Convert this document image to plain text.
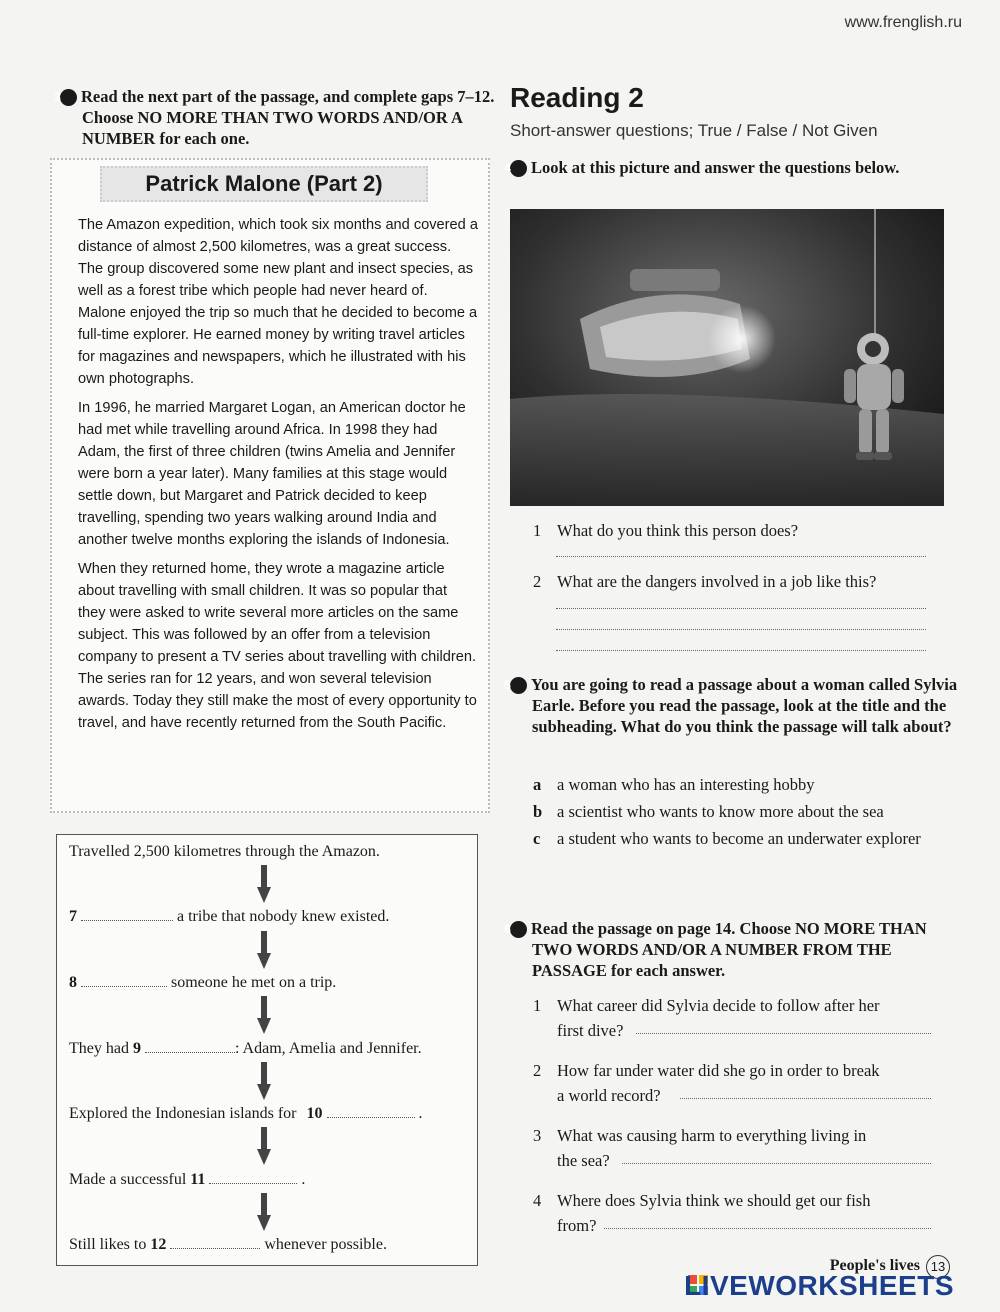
www.frenglish.ru
3 Read the next part of the passage, and complete gaps 7–12. Choose NO MORE THAN TWO WORDS AND/OR A NUMBER for each one.
Patrick Malone (Part 2)

The Amazon expedition, which took six months and covered a distance of almost 2,500 kilometres, was a great success. The group discovered some new plant and insect species, as well as a forest tribe which people had never heard of. Malone enjoyed the trip so much that he decided to become a full-time explorer. He earned money by writing travel articles for magazines and newspapers, which he illustrated with his own photographs.

In 1996, he married Margaret Logan, an American doctor he had met while travelling around Africa. In 1998 they had Adam, the first of three children (twins Amelia and Jennifer were born a year later). Many families at this stage would settle down, but Margaret and Patrick decided to keep travelling, spending two years walking around India and another twelve months exploring the islands of Indonesia.

When they returned home, they wrote a magazine article about travelling with small children. It was so popular that they were asked to write several more articles on the same subject. This was followed by an offer from a television company to present a TV series about travelling with children. The series ran for 12 years, and won several television awards. Today they still make the most of every opportunity to travel, and have recently returned from the South Pacific.

Travelled 2,500 kilometres through the Amazon.
7	a tribe that nobody knew existed.
8	someone he met on a trip.
They had 9	: Adam, Amelia and Jennifer.
Explored the Indonesian islands for 10	.
Made a successful 11	.
Still likes to 12	whenever possible.
Reading 2
Short-answer questions; True / False / Not Given
4 Look at this picture and answer the questions below.
1 What do you think this person does?
2 What are the dangers involved in a job like this?
5 You are going to read a passage about a woman called Sylvia Earle. Before you read the passage, look at the title and the subheading. What do you think the passage will talk about?
a a woman who has an interesting hobby
b a scientist who wants to know more about the sea
c a student who wants to become an underwater explorer
6 Read the passage on page 14. Choose NO MORE THAN TWO WORDS AND/OR A NUMBER FROM THE PASSAGE for each answer.
1 What career did Sylvia decide to follow after her
first dive?
2 How far under water did she go in order to break
a world record?
3 What was causing harm to everything living in
the sea?
4 Where does Sylvia think we should get our fish
from?
People's lives 13
LIVEWORKSHEETS
